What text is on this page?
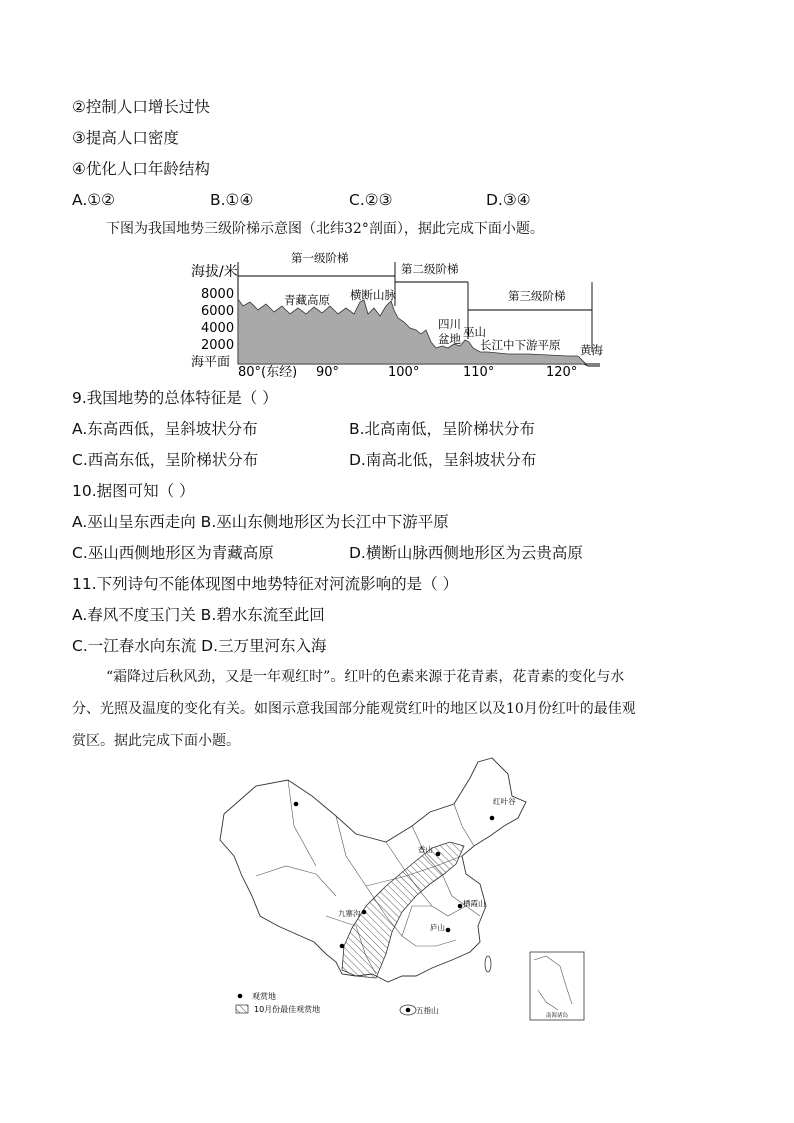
②控制人口增长过快
③提高人口密度
④优化人口年龄结构
A.①②	B.①④	C.②③	D.③④
下图为我国地势三级阶梯示意图（北纬32°剖面），据此完成下面小题。
海拔/米
8000
6000
4000
2000
海平面
第一级阶梯
第二级阶梯
第三级阶梯
青藏高原 横断山脉
四川
盆地 巫山
长江中下游平原 黄海
80°(东经) 90°	100°	110°	120°
9.我国地势的总体特征是（ ）
A.东高西低，呈斜坡状分布	B.北高南低，呈阶梯状分布
C.西高东低，呈阶梯状分布	D.南高北低，呈斜坡状分布
10.据图可知（ ）
A.巫山呈东西走向 B.巫山东侧地形区为长江中下游平原
C.巫山西侧地形区为青藏高原	D.横断山脉西侧地形区为云贵高原
11.下列诗句不能体现图中地势特征对河流影响的是（ ）
A.春风不度玉门关 B.碧水东流至此回
C.一江春水向东流 D.三万里河东入海
“霜降过后秋风劲，又是一年观红时”。红叶的色素来源于花青素，花青素的变化与水
分、光照及温度的变化有关。如图示意我国部分能观赏红叶的地区以及10月份红叶的最佳观
赏区。据此完成下面小题。
红叶谷
香山
栖霞山
庐山
九寨沟
五指山
观赏地
10月份最佳观赏地
南海诸岛
